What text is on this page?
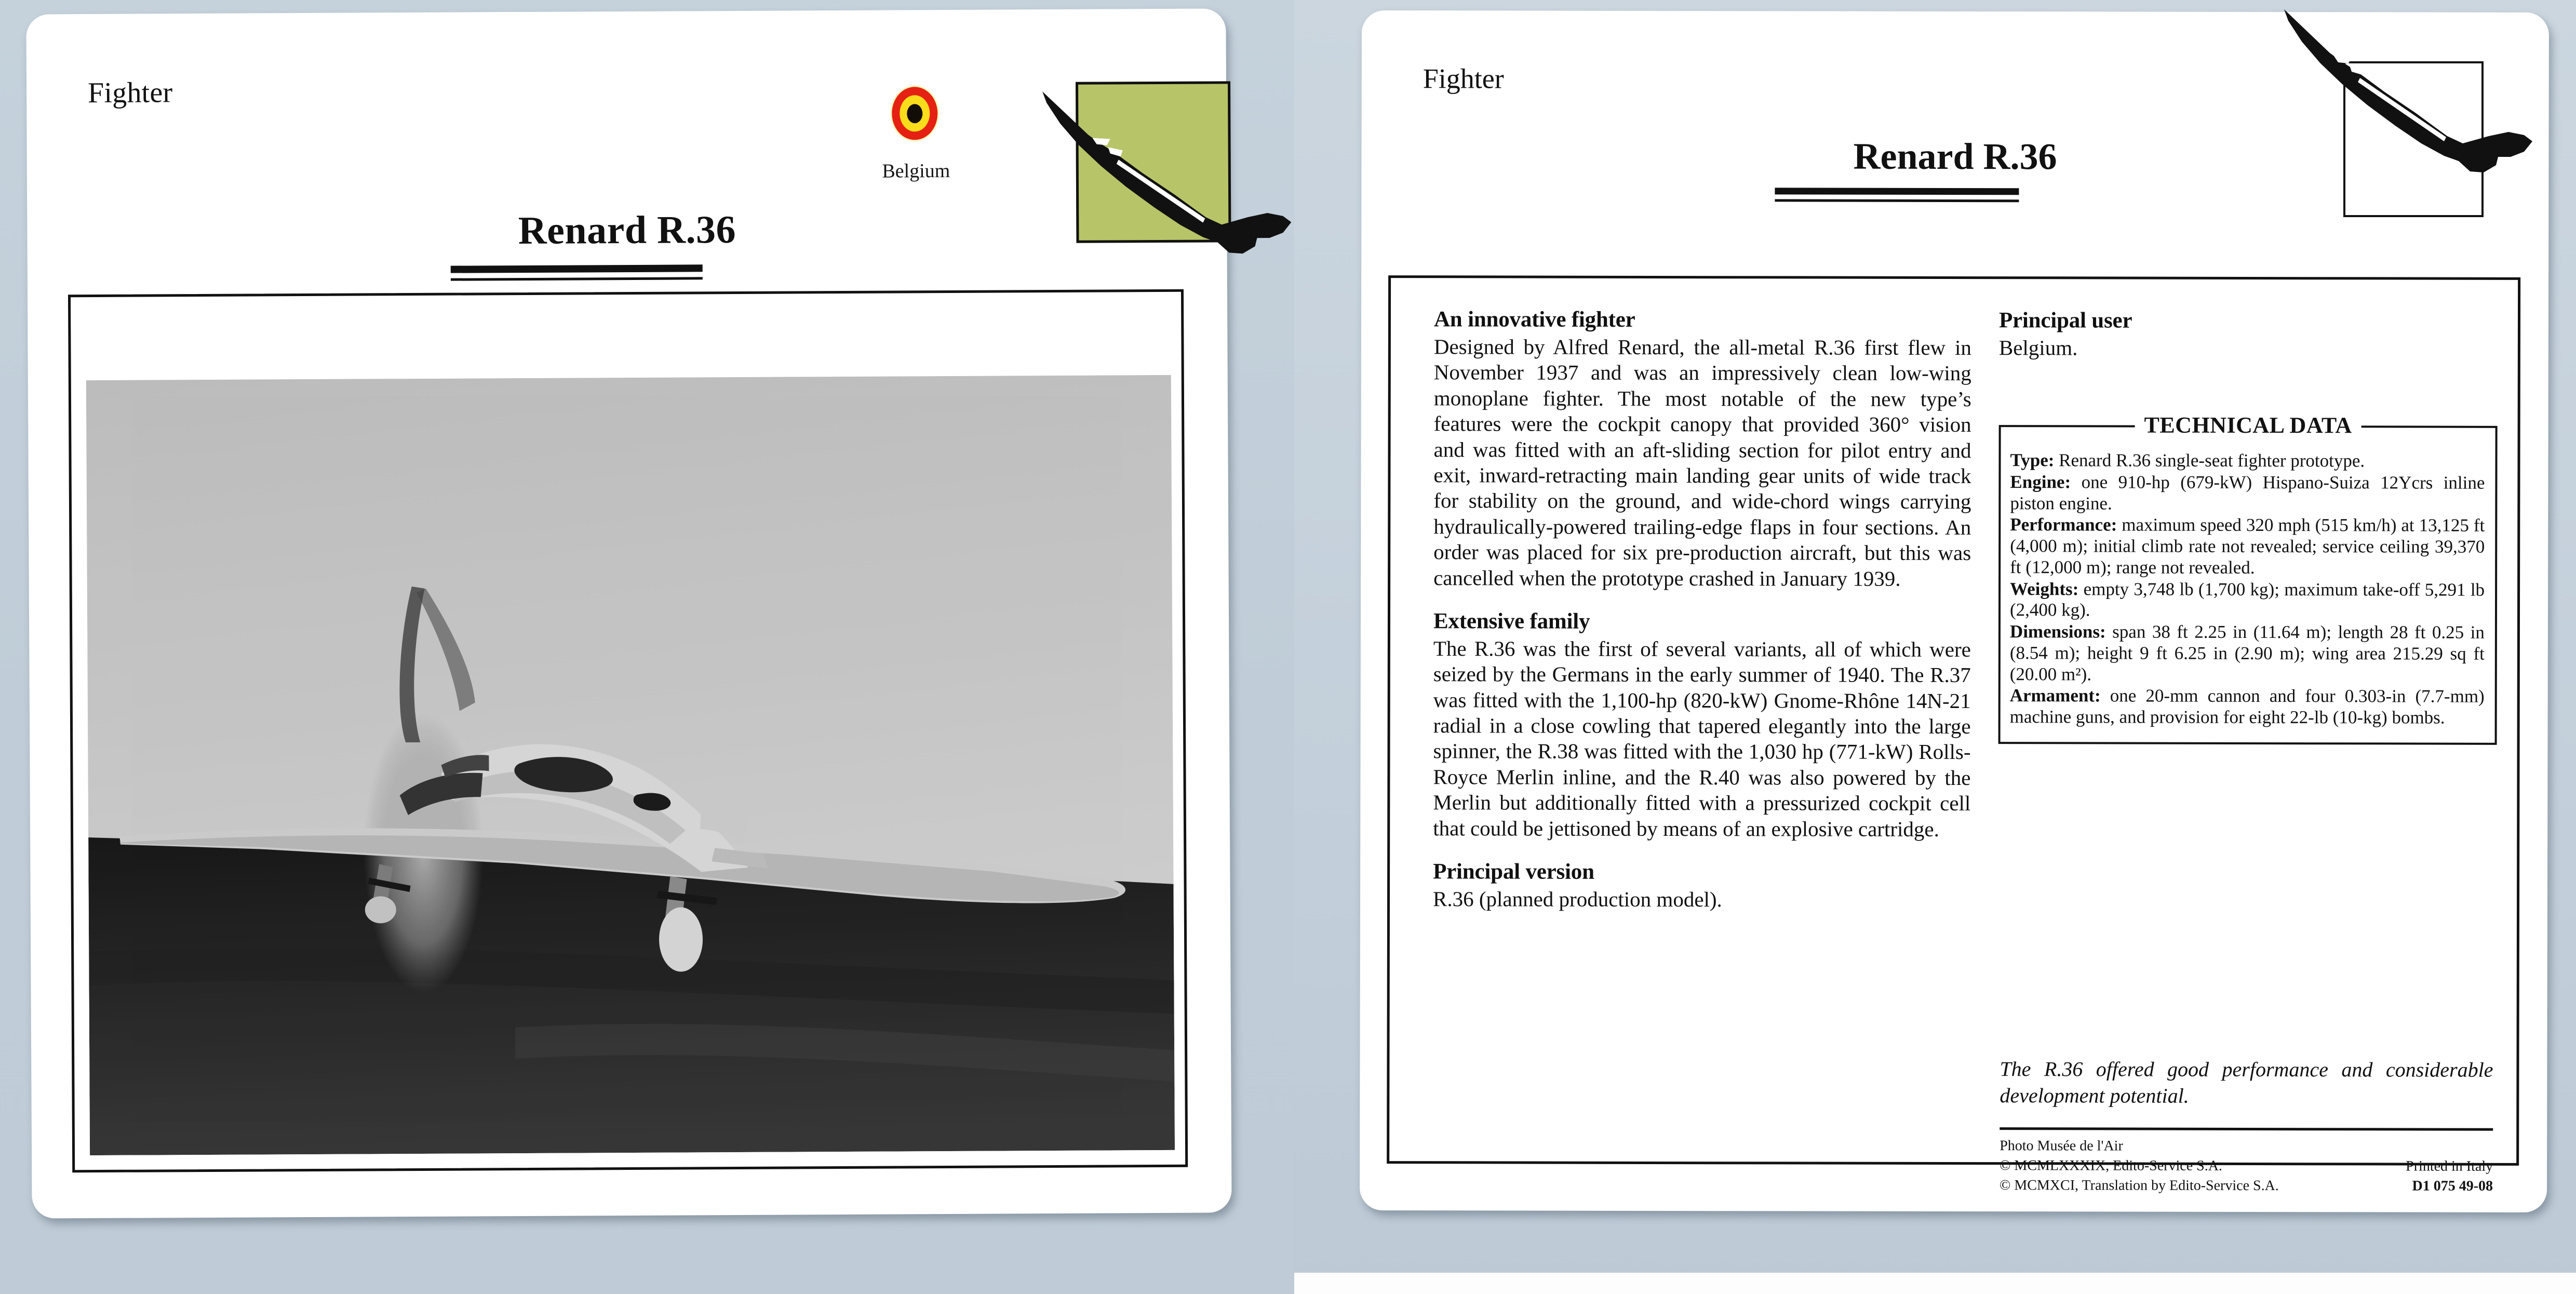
Fighter
Belgium
Renard R.36
Fighter
Renard R.36
An innovative fighter

Designed by Alfred Renard, the all-metal R.36 first flew in November 1937 and was an impressively clean low-wing monoplane fighter. The most notable of the new type’s features were the cockpit canopy that provided 360° vision and was fitted with an aft-sliding section for pilot entry and exit, inward-retracting main landing gear units of wide track for stability on the ground, and wide-chord wings carrying hydraulically-powered trailing-edge flaps in four sections. An order was placed for six pre-production aircraft, but this was cancelled when the prototype crashed in January 1939.

Extensive family

The R.36 was the first of several variants, all of which were seized by the Germans in the early summer of 1940. The R.37 was fitted with the 1,100-hp (820-kW) Gnome-Rhône 14N-21 radial in a close cowling that tapered elegantly into the large spinner, the R.38 was fitted with the 1,030 hp (771-kW) Rolls-Royce Merlin inline, and the R.40 was also powered by the Merlin but additionally fitted with a pressurized cockpit cell that could be jettisoned by means of an explosive cartridge.

Principal version

R.36 (planned production model).

Principal user

Belgium.

TECHNICAL DATA

Type: Renard R.36 single-seat fighter prototype.

Engine: one 910-hp (679-kW) Hispano-Suiza 12Ycrs inline piston engine.

Performance: maximum speed 320 mph (515 km/h) at 13,125 ft (4,000 m); initial climb rate not revealed; service ceiling 39,370 ft (12,000 m); range not revealed.

Weights: empty 3,748 lb (1,700 kg); maximum take-off 5,291 lb (2,400 kg).

Dimensions: span 38 ft 2.25 in (11.64 m); length 28 ft 0.25 in (8.54 m); height 9 ft 6.25 in (2.90 m); wing area 215.29 sq ft (20.00 m²).

Armament: one 20-mm cannon and four 0.303-in (7.7-mm) machine guns, and provision for eight 22-lb (10-kg) bombs.

The R.36 offered good performance and considerable development potential.
Photo Musée de l'Air
© MCMLXXXIX, Edito-Service S.A.	Printed in Italy
© MCMXCI, Translation by Edito-Service S.A.	D1 075 49-08
